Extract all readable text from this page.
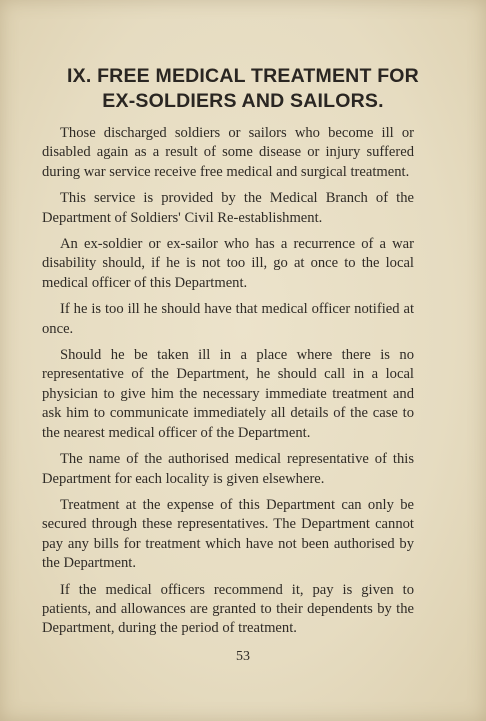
IX. FREE MEDICAL TREATMENT FOR
EX-SOLDIERS AND SAILORS.

Those discharged soldiers or sailors who become ill or disabled again as a result of some disease or injury suffered during war service receive free medical and surgical treatment.

This service is provided by the Medical Branch of the Department of Soldiers' Civil Re-establishment.

An ex-soldier or ex-sailor who has a recurrence of a war disability should, if he is not too ill, go at once to the local medical officer of this Department.

If he is too ill he should have that medical officer notified at once.

Should he be taken ill in a place where there is no representative of the Department, he should call in a local physician to give him the necessary immediate treatment and ask him to communicate immediately all details of the case to the nearest medical officer of the Department.

The name of the authorised medical representative of this Department for each locality is given elsewhere.

Treatment at the expense of this Department can only be secured through these representatives. The Department cannot pay any bills for treatment which have not been authorised by the Department.

If the medical officers recommend it, pay is given to patients, and allowances are granted to their dependents by the Department, during the period of treatment.

53
